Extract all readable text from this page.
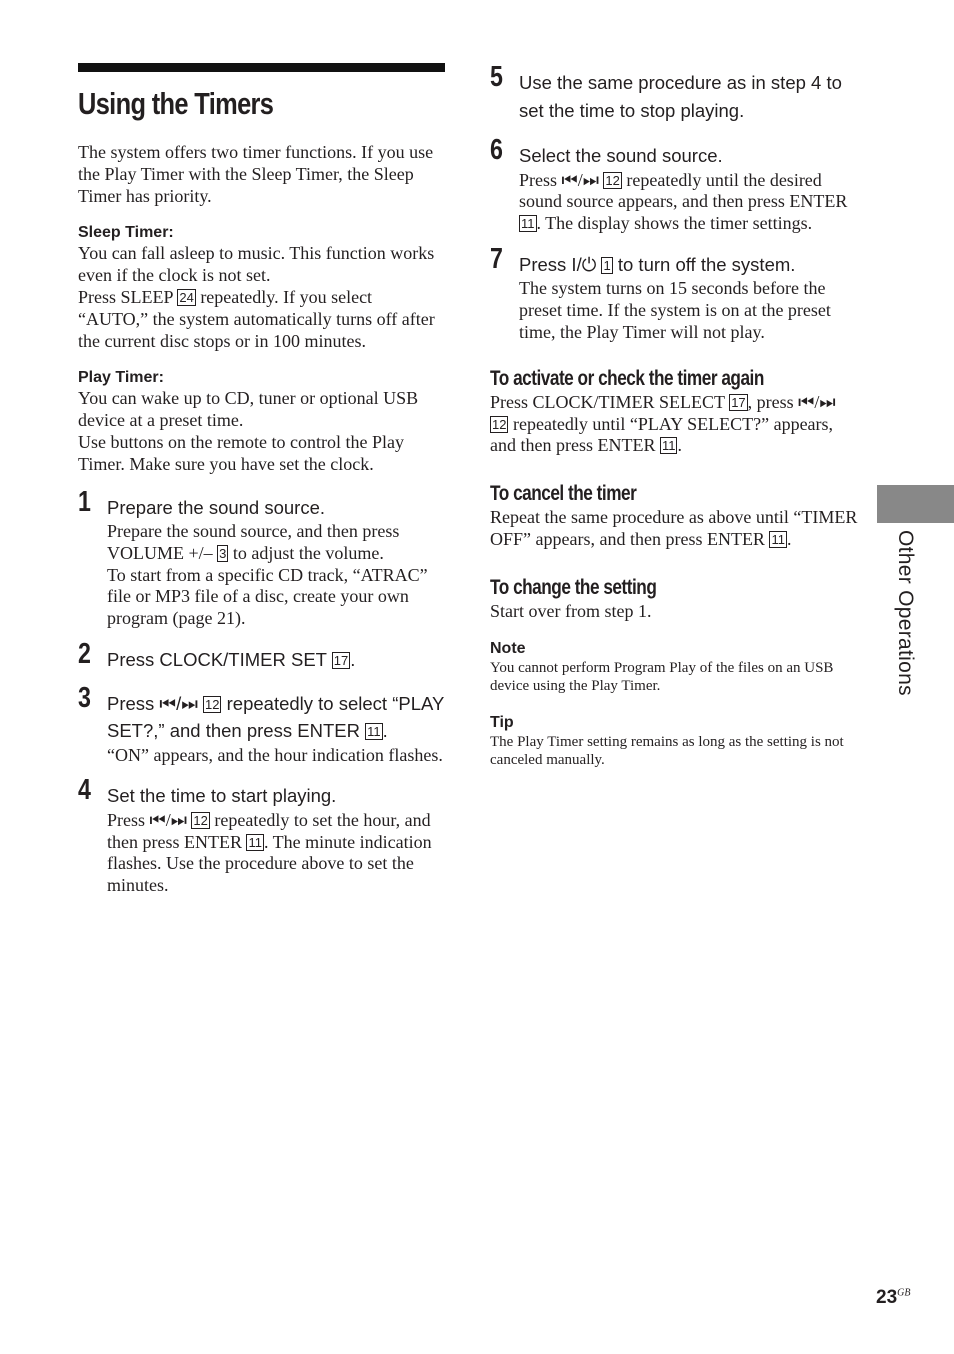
Using the Timers

The system offers two timer functions. If you use the Play Timer with the Sleep Timer, the Sleep Timer has priority.

Sleep Timer:

You can fall asleep to music. This function works even if the clock is not set.
Press SLEEP 24 repeatedly. If you select “AUTO,” the system automatically turns off after the current disc stops or in 100 minutes.

Play Timer:

You can wake up to CD, tuner or optional USB device at a preset time.
Use buttons on the remote to control the Play Timer. Make sure you have set the clock.

1 Prepare the sound source.
Prepare the sound source, and then press VOLUME +/– 3 to adjust the volume.
To start from a specific CD track, “ATRAC” file or MP3 file of a disc, create your own program (page 21).
2 Press CLOCK/TIMER SET 17 .
3 Press ⏮/⏭ 12 repeatedly to select “PLAY SET?,” and then press ENTER 11 .
“ON” appears, and the hour indication flashes.
4 Set the time to start playing.
Press ⏮/⏭ 12 repeatedly to set the hour, and then press ENTER 11 . The minute indication flashes. Use the procedure above to set the minutes.
5 Use the same procedure as in step 4 to set the time to stop playing.
6 Select the sound source.
Press ⏮/⏭ 12 repeatedly until the desired sound source appears, and then press ENTER 11 . The display shows the timer settings.
7 Press I/⏻ 1 to turn off the system.
The system turns on 15 seconds before the preset time. If the system is on at the preset time, the Play Timer will not play.
To activate or check the timer again

Press CLOCK/TIMER SELECT 17 , press ⏮/⏭ 12 repeatedly until “PLAY SELECT?” appears, and then press ENTER 11 .

To cancel the timer

Repeat the same procedure as above until “TIMER OFF” appears, and then press ENTER 11 .

To change the setting

Start over from step 1.

Note

You cannot perform Program Play of the files on an USB device using the Play Timer.

Tip

The Play Timer setting remains as long as the setting is not canceled manually.

Other Operations
$23^{GB}$
